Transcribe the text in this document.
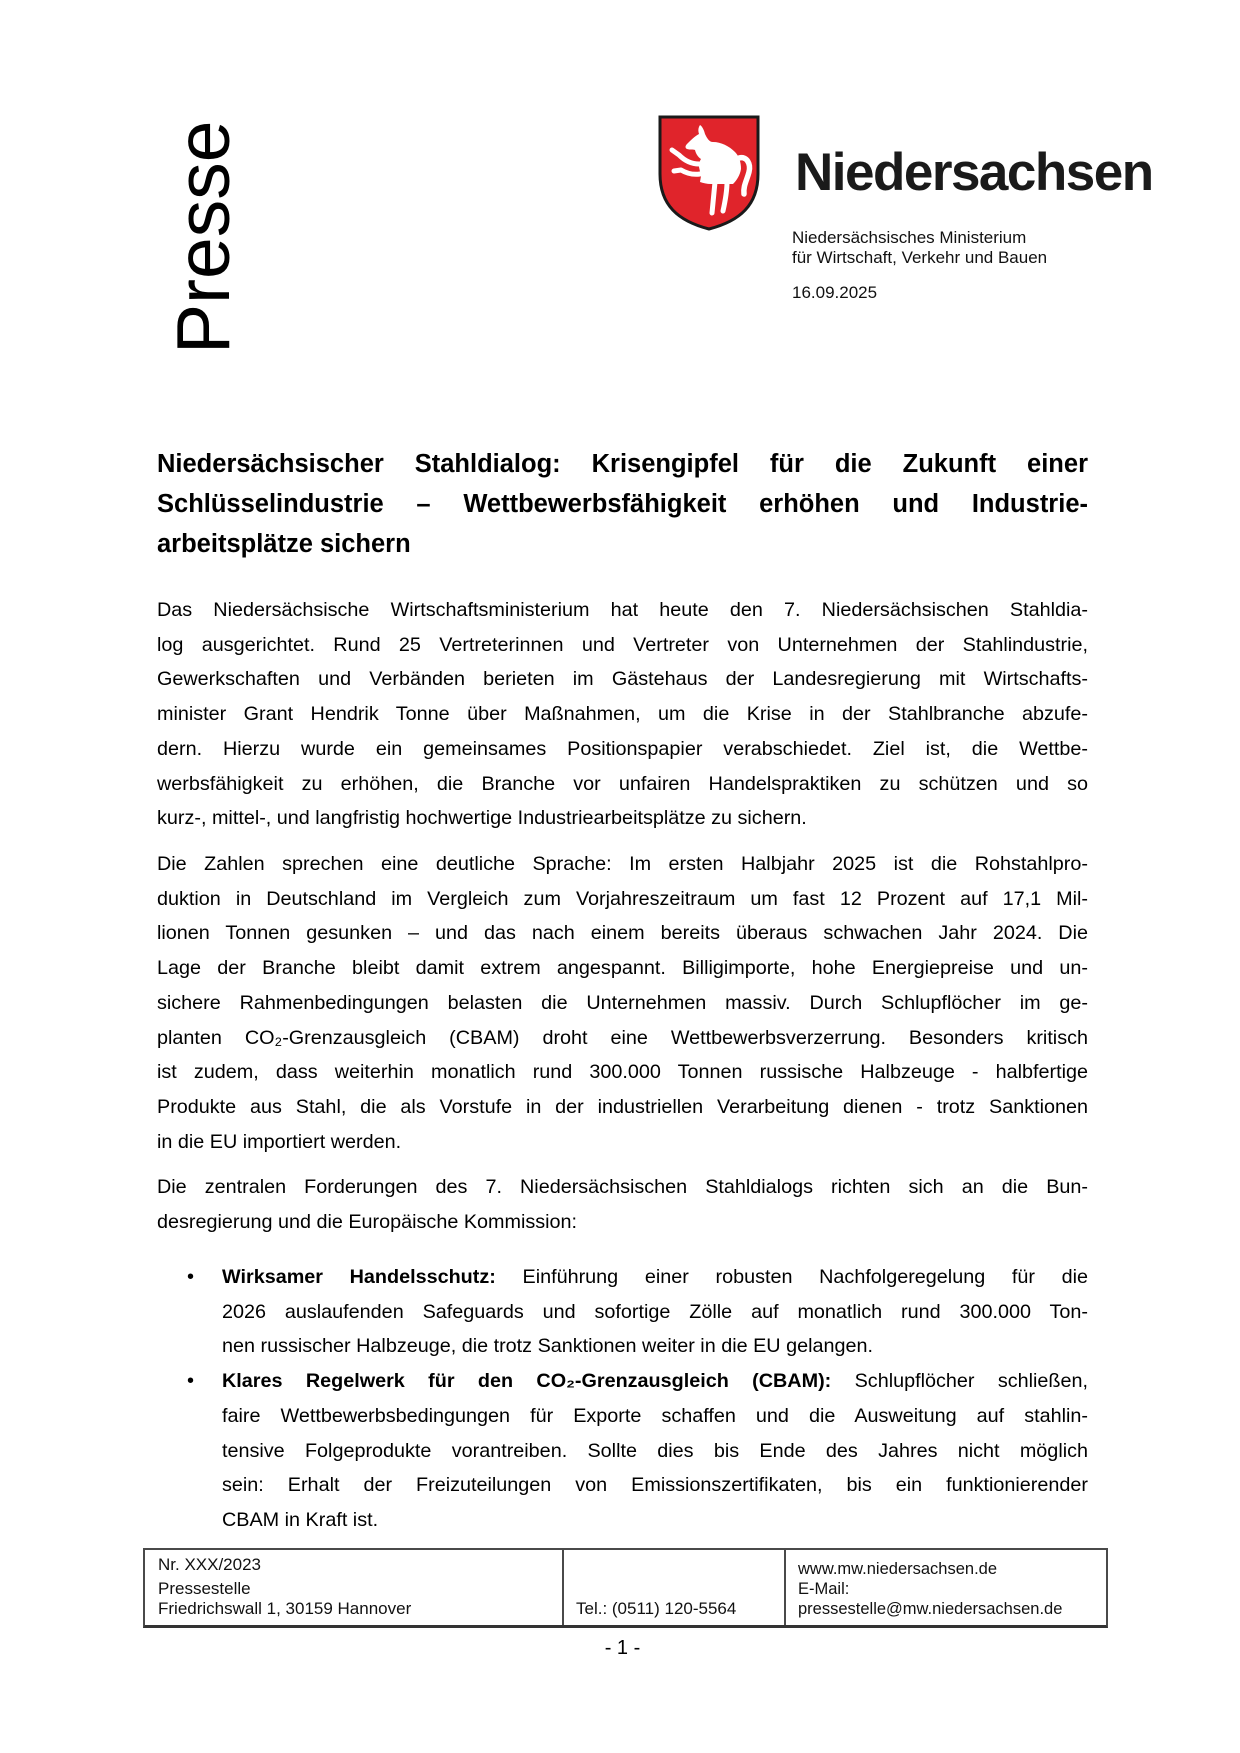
Presse	Niedersachsen
Niedersächsisches Ministerium
für Wirtschaft, Verkehr und Bauen
16.09.2025
Niedersächsischer Stahldialog: Krisengipfel für die Zukunft einer
Schlüsselindustrie – Wettbewerbsfähigkeit erhöhen und Industrie-
arbeitsplätze sichern
Das Niedersächsische Wirtschaftsministerium hat heute den 7. Niedersächsischen Stahldia-
log ausgerichtet. Rund 25 Vertreterinnen und Vertreter von Unternehmen der Stahlindustrie,
Gewerkschaften und Verbänden berieten im Gästehaus der Landesregierung mit Wirtschafts-
minister Grant Hendrik Tonne über Maßnahmen, um die Krise in der Stahlbranche abzufe-
dern. Hierzu wurde ein gemeinsames Positionspapier verabschiedet. Ziel ist, die Wettbe-
werbsfähigkeit zu erhöhen, die Branche vor unfairen Handelspraktiken zu schützen und so
kurz-, mittel-, und langfristig hochwertige Industriearbeitsplätze zu sichern.
Die Zahlen sprechen eine deutliche Sprache: Im ersten Halbjahr 2025 ist die Rohstahlpro-
duktion in Deutschland im Vergleich zum Vorjahreszeitraum um fast 12 Prozent auf 17,1 Mil-
lionen Tonnen gesunken – und das nach einem bereits überaus schwachen Jahr 2024. Die
Lage der Branche bleibt damit extrem angespannt. Billigimporte, hohe Energiepreise und un-
sichere Rahmenbedingungen belasten die Unternehmen massiv. Durch Schlupflöcher im ge-
planten CO₂-Grenzausgleich (CBAM) droht eine Wettbewerbsverzerrung. Besonders kritisch
ist zudem, dass weiterhin monatlich rund 300.000 Tonnen russische Halbzeuge - halbfertige
Produkte aus Stahl, die als Vorstufe in der industriellen Verarbeitung dienen - trotz Sanktionen
in die EU importiert werden.
Die zentralen Forderungen des 7. Niedersächsischen Stahldialogs richten sich an die Bun-
desregierung und die Europäische Kommission:
• Wirksamer Handelsschutz: Einführung einer robusten Nachfolgeregelung für die
2026 auslaufenden Safeguards und sofortige Zölle auf monatlich rund 300.000 Ton-
nen russischer Halbzeuge, die trotz Sanktionen weiter in die EU gelangen.
• Klares Regelwerk für den CO₂-Grenzausgleich (CBAM): Schlupflöcher schließen,
faire Wettbewerbsbedingungen für Exporte schaffen und die Ausweitung auf stahlin-
tensive Folgeprodukte vorantreiben. Sollte dies bis Ende des Jahres nicht möglich
sein: Erhalt der Freizuteilungen von Emissionszertifikaten, bis ein funktionierender
CBAM in Kraft ist.
Nr. XXX/2023
Pressestelle
Friedrichswall 1, 30159 Hannover	Tel.: (0511) 120-5564
www.mw.niedersachsen.de
E-Mail: pressestelle@mw.niedersachsen.de
- 1 -
